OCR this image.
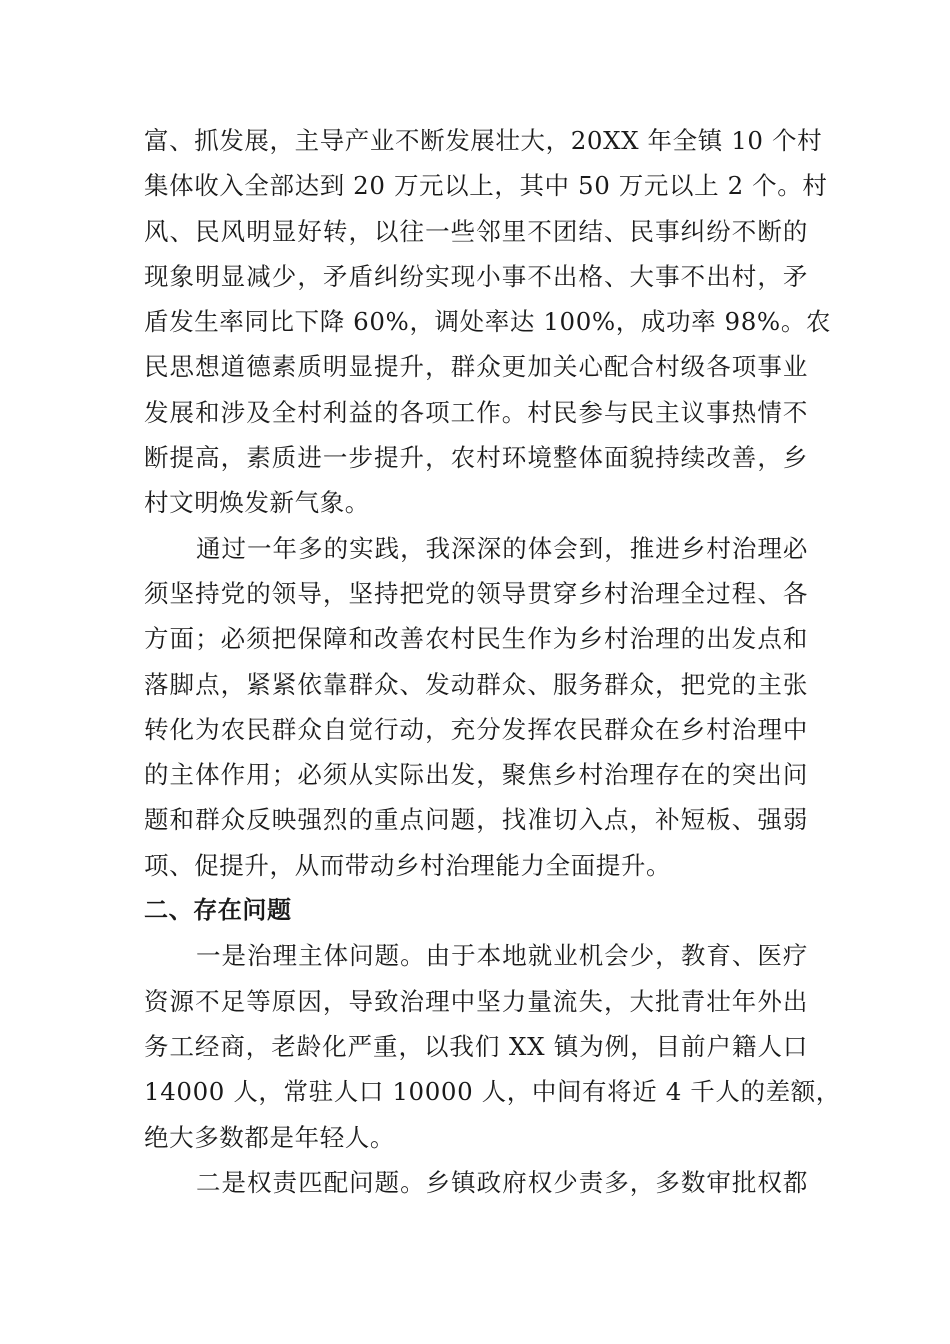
富、抓发展，主导产业不断发展壮大，20XX 年全镇 10 个村
集体收入全部达到 20 万元以上，其中 50 万元以上 2 个。村
风、民风明显好转，以往一些邻里不团结、民事纠纷不断的
现象明显减少，矛盾纠纷实现小事不出格、大事不出村，矛
盾发生率同比下降 60%，调处率达 100%，成功率 98%。农
民思想道德素质明显提升，群众更加关心配合村级各项事业
发展和涉及全村利益的各项工作。村民参与民主议事热情不
断提高，素质进一步提升，农村环境整体面貌持续改善，乡
村文明焕发新气象。

通过一年多的实践，我深深的体会到，推进乡村治理必
须坚持党的领导，坚持把党的领导贯穿乡村治理全过程、各
方面；必须把保障和改善农村民生作为乡村治理的出发点和
落脚点，紧紧依靠群众、发动群众、服务群众，把党的主张
转化为农民群众自觉行动，充分发挥农民群众在乡村治理中
的主体作用；必须从实际出发，聚焦乡村治理存在的突出问
题和群众反映强烈的重点问题，找准切入点，补短板、强弱
项、促提升，从而带动乡村治理能力全面提升。

二、存在问题

一是治理主体问题。由于本地就业机会少，教育、医疗
资源不足等原因，导致治理中坚力量流失，大批青壮年外出
务工经商，老龄化严重，以我们 XX 镇为例，目前户籍人口
14000 人，常驻人口 10000 人，中间有将近 4 千人的差额，
绝大多数都是年轻人。

二是权责匹配问题。乡镇政府权少责多，多数审批权都
